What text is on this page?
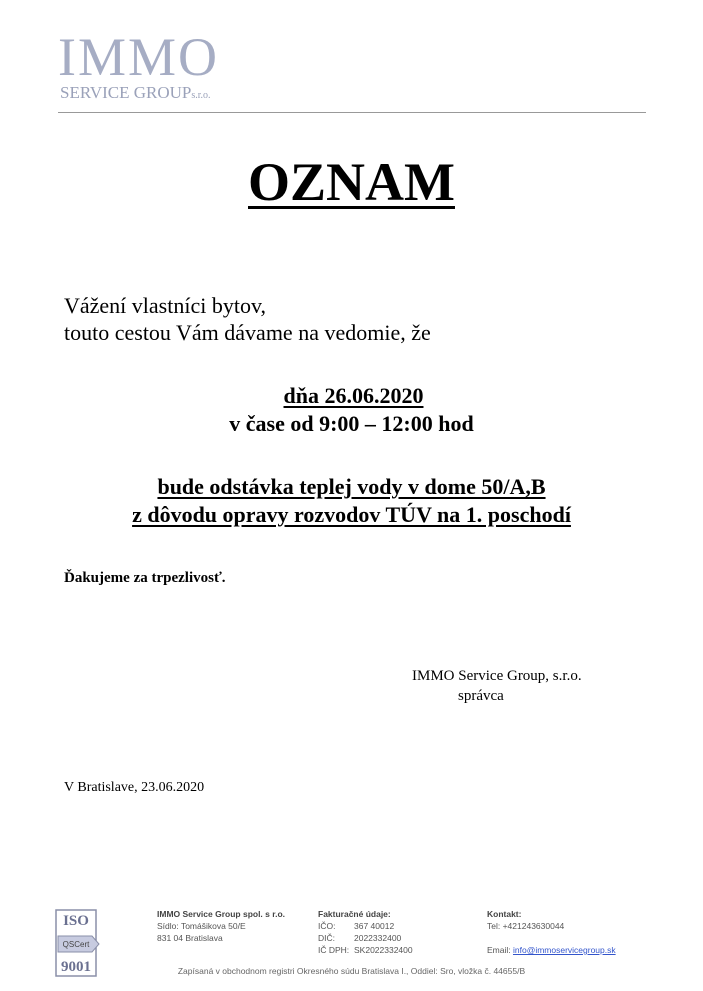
IMMO
SERVICE GROUPs.r.o.
OZNAM
Vážení vlastníci bytov,
touto cestou Vám dávame na vedomie, že
dňa 26.06.2020
v čase od 9:00 – 12:00 hod
bude odstávka teplej vody v dome 50/A,B
z dôvodu opravy rozvodov TÚV na 1. poschodí
Ďakujeme za trpezlivosť.
IMMO Service Group, s.r.o.
správca
V Bratislave, 23.06.2020
ISO
QSCert
9001
IMMO Service Group spol. s r.o.
Sídlo: Tomášikova 50/E
831 04 Bratislava
Fakturačné údaje:
IČO: 367 40012
DIČ: 2022332400
IČ DPH: SK2022332400
Kontakt:
Tel: +421243630044
Email: info@immoservicegroup.sk
Zapísaná v obchodnom registri Okresného súdu Bratislava I., Oddiel: Sro, vložka č. 44655/B
